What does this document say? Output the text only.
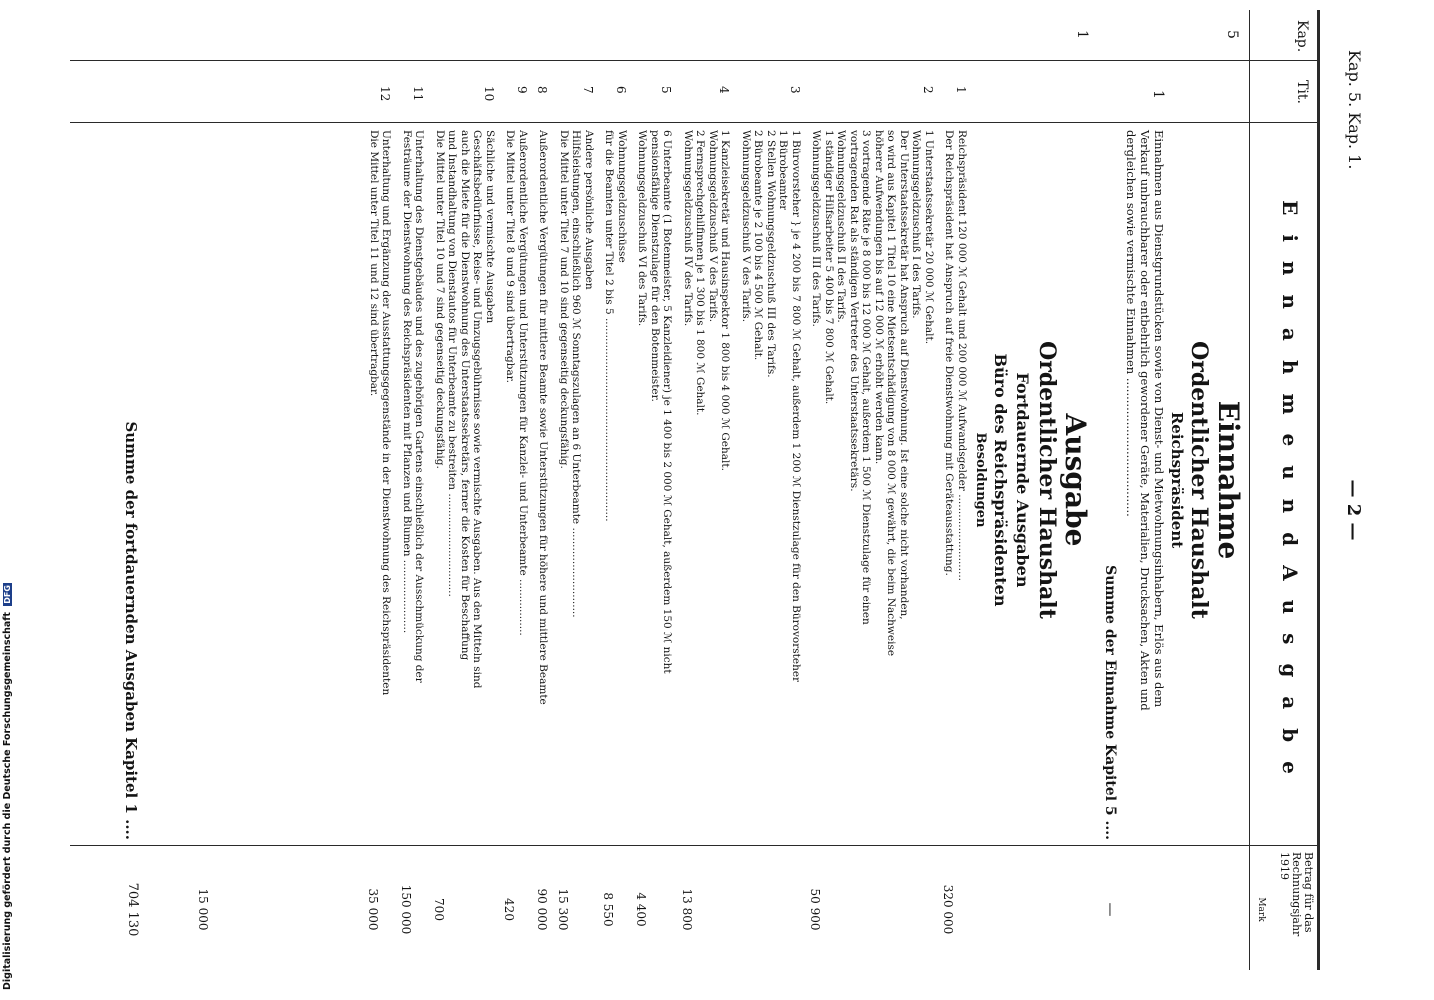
Kap. 5. Kap. 1.
— 2 —
Kap.
Tit.
E i n n a h m e u n d A u s g a b e
Betrag für das Rechnungsjahr 1919
Mark
Einnahme
Ordentlicher Haushalt
Reichspräsident
5
1
Einnahmen aus Dienstgrundstücken sowie von Dienst- und Mietwohnungsinhabern, Erlös aus dem
Verkauf unbrauchbarer oder entbehrlich gewordener Geräte, Materialien, Drucksachen, Akten und
dergleichen sowie vermischte Einnahmen ......................................
Summe der Einnahme Kapitel 5 ....
—
Ausgabe
Ordentlicher Haushalt
Fortdauernde Ausgaben
Büro des Reichspräsidenten
Besoldungen
1
1
Reichspräsident 120 000 ℳ Gehalt und 200 000 ℳ Aufwandsgelder ..........................
Der Reichspräsident hat Anspruch auf freie Dienstwohnung mit Geräteausstattung.
320 000
2
1 Unterstaatssekretär 20 000 ℳ Gehalt.
Wohnungsgeldzuschuß I des Tarifs.
Der Unterstaatssekretär hat Anspruch auf Dienstwohnung. Ist eine solche nicht vorhanden,
so wird aus Kapitel 1 Titel 10 eine Mietsentschädigung von 8 000 ℳ gewährt, die beim Nachweise
höherer Aufwendungen bis auf 12 000 ℳ erhöht werden kann.
3 vortragende Räte je 8 000 bis 12 000 ℳ Gehalt, außerdem 1 500 ℳ Dienstzulage für einen
vortragenden Rat als ständigen Vertreter des Unterstaatssekretärs.
Wohnungsgeldzuschuß II des Tarifs.
1 ständiger Hilfsarbeiter 5 400 bis 7 800 ℳ Gehalt.
Wohnungsgeldzuschuß III des Tarifs.
50 900
3
1 Bürovorsteher } je 4 200 bis 7 800 ℳ Gehalt, außerdem 1 200 ℳ Dienstzulage für den Bürovorsteher
1 Bürobeamter
2 Stellen Wohnungsgeldzuschuß III des Tarifs.
2 Bürobeamte je 2 100 bis 4 500 ℳ Gehalt.
Wohnungsgeldzuschuß V des Tarifs.
4
1 Kanzleisekretär und Hausinspektor 1 800 bis 4 000 ℳ Gehalt.
Wohnungsgeldzuschuß V des Tarifs.
2 Fernsprechgehilfinnen je 1 300 bis 1 800 ℳ Gehalt.
Wohnungsgeldzuschuß IV des Tarifs.
13 800
5
6 Unterbeamte (1 Botenmeister, 5 Kanzleidiener) je 1 400 bis 2 000 ℳ Gehalt, außerdem 150 ℳ nicht
pensionsfähige Dienstzulage für den Botenmeister.
Wohnungsgeldzuschuß VI des Tarifs.
4 400
6
Wohnungsgeldzuschüsse
für die Beamten unter Titel 2 bis 5 .............................................................
8 550
7
Andere persönliche Ausgaben
Hilfsleistungen, einschließlich 960 ℳ Sonntagszulagen an 6 Unterbeamte ...........................
Die Mittel unter Titel 7 und 10 sind gegenseitig deckungsfähig.
15 300
8
Außerordentliche Vergütungen für mittlere Beamte sowie Unterstützungen für höhere und mittlere Beamte
90 000
9
Außerordentliche Vergütungen und Unterstützungen für Kanzlei- und Unterbeamte .................
Die Mittel unter Titel 8 und 9 sind übertragbar.
420
10
Sächliche und vermischte Ausgaben
Geschäftsbedürfnisse, Reise- und Umzugsgebührnisse sowie vermischte Ausgaben. Aus den Mitteln sind
auch die Miete für die Dienstwohnung des Unterstaatssekretärs, ferner die Kosten für Beschaffung
und Instandhaltung von Dienstautos für Unterbeamte zu bestreiten ...............................
Die Mittel unter Titel 10 und 7 sind gegenseitig deckungsfähig.
700
11
Unterhaltung des Dienstgebäudes und des zugehörigen Gartens einschließlich der Ausschmückung der
Festräume der Dienstwohnung des Reichspräsidenten mit Pflanzen und Blumen ......................
150 000
12
Unterhaltung und Ergänzung der Ausstattungsgegenstände in der Dienstwohnung des Reichspräsidenten
Die Mittel unter Titel 11 und 12 sind übertragbar.
35 000
15 000
Summe der fortdauernden Ausgaben Kapitel 1 ....
704 130
Digitalisierung gefördert durch die Deutsche Forschungsgemeinschaft DFG
